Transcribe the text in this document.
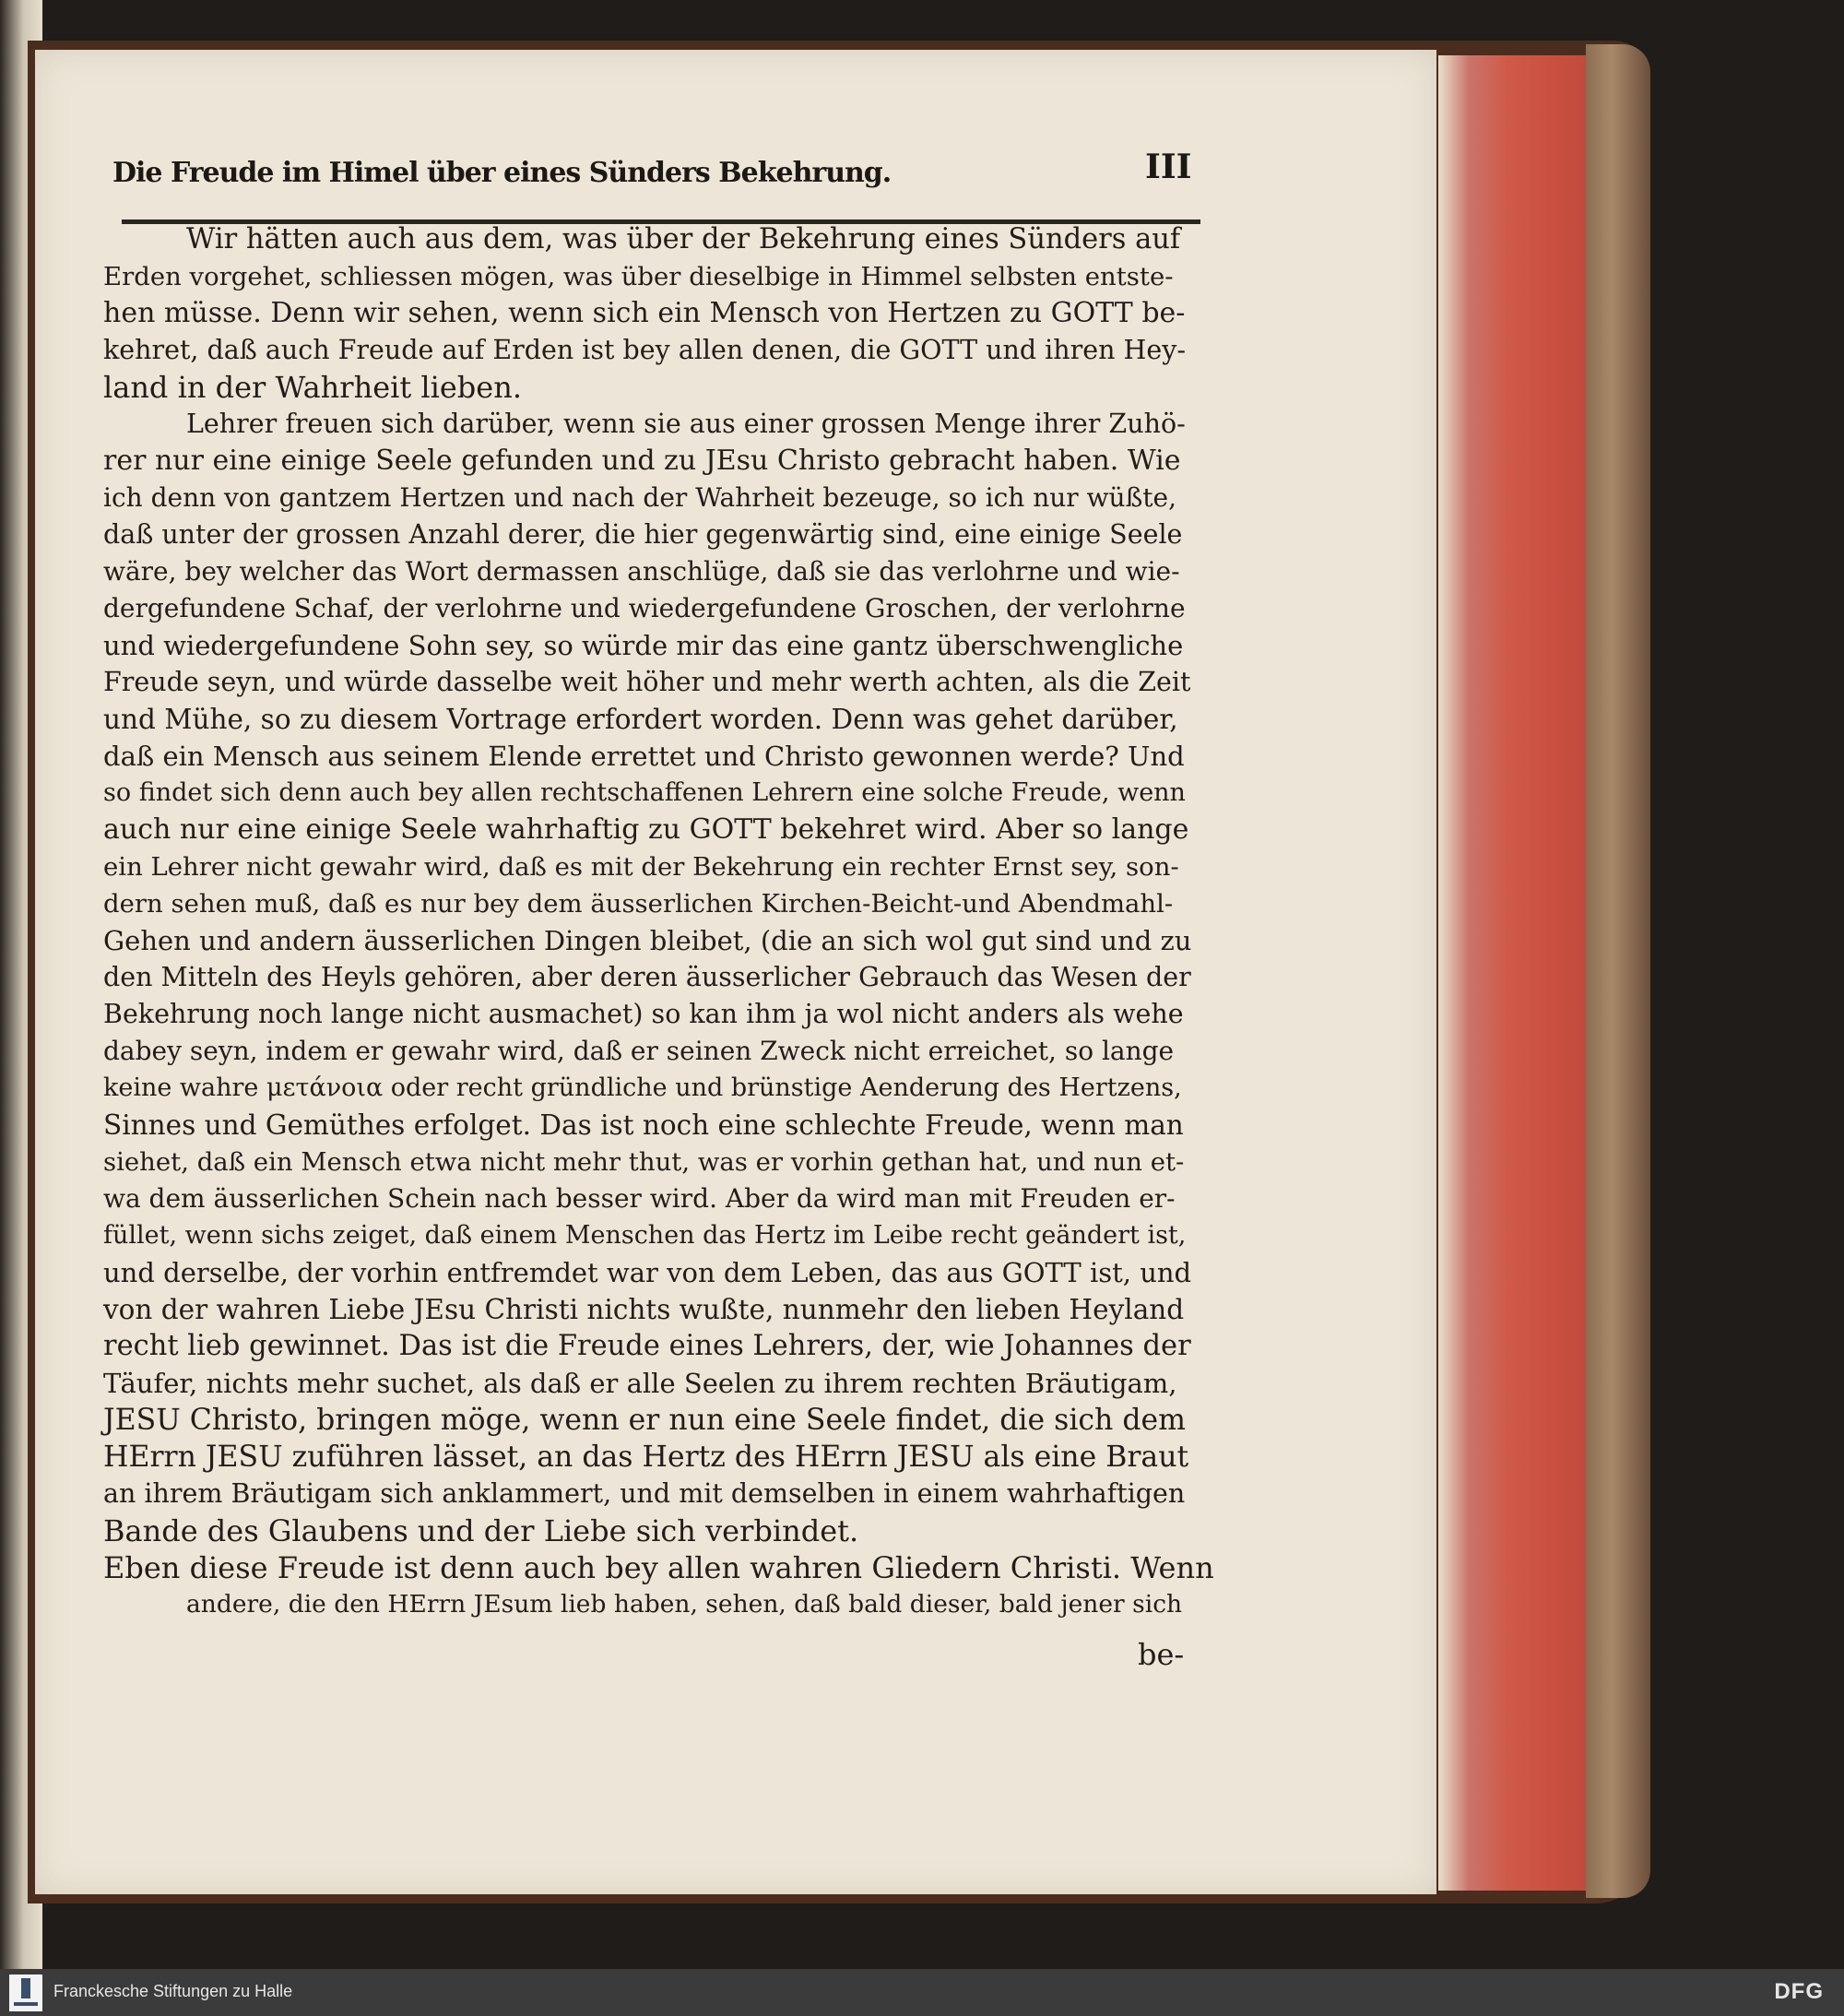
Die Freude im Himel über eines Sünders Bekehrung.	III
Wir hätten auch aus dem, was über der Bekehrung eines Sünders auf
Erden vorgehet, schliessen mögen, was über dieselbige in Himmel selbsten entste-
hen müsse. Denn wir sehen, wenn sich ein Mensch von Hertzen zu GOTT be-
kehret, daß auch Freude auf Erden ist bey allen denen, die GOTT und ihren Hey-
land in der Wahrheit lieben.
Lehrer freuen sich darüber, wenn sie aus einer grossen Menge ihrer Zuhö-
rer nur eine einige Seele gefunden und zu JEsu Christo gebracht haben. Wie
ich denn von gantzem Hertzen und nach der Wahrheit bezeuge, so ich nur wüßte,
daß unter der grossen Anzahl derer, die hier gegenwärtig sind, eine einige Seele
wäre, bey welcher das Wort dermassen anschlüge, daß sie das verlohrne und wie-
dergefundene Schaf, der verlohrne und wiedergefundene Groschen, der verlohrne
und wiedergefundene Sohn sey, so würde mir das eine gantz überschwengliche
Freude seyn, und würde dasselbe weit höher und mehr werth achten, als die Zeit
und Mühe, so zu diesem Vortrage erfordert worden. Denn was gehet darüber,
daß ein Mensch aus seinem Elende errettet und Christo gewonnen werde? Und
so findet sich denn auch bey allen rechtschaffenen Lehrern eine solche Freude, wenn
auch nur eine einige Seele wahrhaftig zu GOTT bekehret wird. Aber so lange
ein Lehrer nicht gewahr wird, daß es mit der Bekehrung ein rechter Ernst sey, son-
dern sehen muß, daß es nur bey dem äusserlichen Kirchen-Beicht-und Abendmahl-
Gehen und andern äusserlichen Dingen bleibet, (die an sich wol gut sind und zu
den Mitteln des Heyls gehören, aber deren äusserlicher Gebrauch das Wesen der
Bekehrung noch lange nicht ausmachet) so kan ihm ja wol nicht anders als wehe
dabey seyn, indem er gewahr wird, daß er seinen Zweck nicht erreichet, so lange
keine wahre μετάνοια oder recht gründliche und brünstige Aenderung des Hertzens,
Sinnes und Gemüthes erfolget. Das ist noch eine schlechte Freude, wenn man
siehet, daß ein Mensch etwa nicht mehr thut, was er vorhin gethan hat, und nun et-
wa dem äusserlichen Schein nach besser wird. Aber da wird man mit Freuden er-
füllet, wenn sichs zeiget, daß einem Menschen das Hertz im Leibe recht geändert ist,
und derselbe, der vorhin entfremdet war von dem Leben, das aus GOTT ist, und
von der wahren Liebe JEsu Christi nichts wußte, nunmehr den lieben Heyland
recht lieb gewinnet. Das ist die Freude eines Lehrers, der, wie Johannes der
Täufer, nichts mehr suchet, als daß er alle Seelen zu ihrem rechten Bräutigam,
JESU Christo, bringen möge, wenn er nun eine Seele findet, die sich dem
HErrn JESU zuführen lässet, an das Hertz des HErrn JESU als eine Braut
an ihrem Bräutigam sich anklammert, und mit demselben in einem wahrhaftigen
Bande des Glaubens und der Liebe sich verbindet.
Eben diese Freude ist denn auch bey allen wahren Gliedern Christi. Wenn
andere, die den HErrn JEsum lieb haben, sehen, daß bald dieser, bald jener sich
be-
Franckesche Stiftungen zu Halle	DFG
